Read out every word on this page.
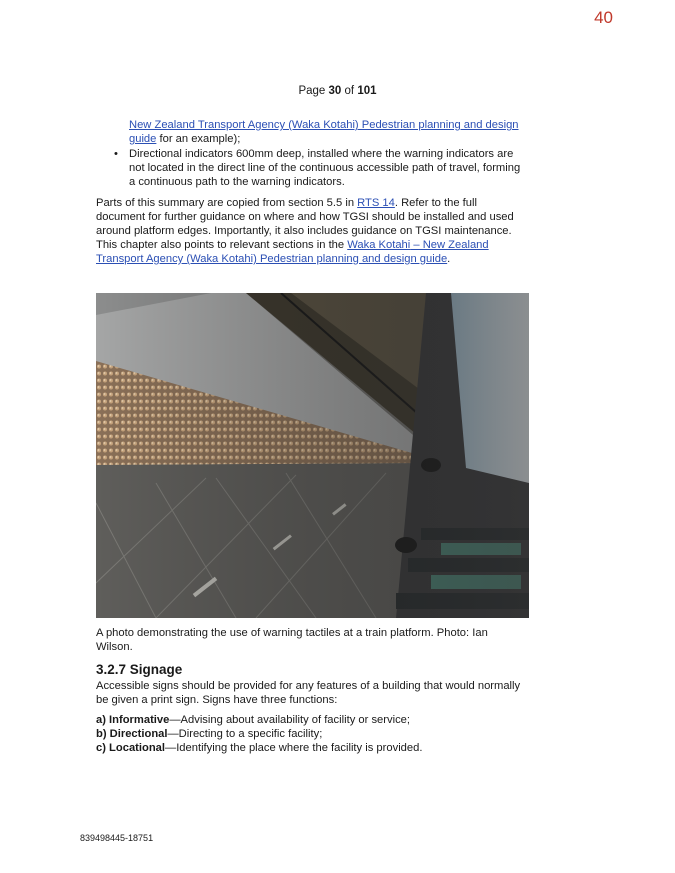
40
Page 30 of 101
New Zealand Transport Agency (Waka Kotahi) Pedestrian planning and design guide for an example);
• Directional indicators 600mm deep, installed where the warning indicators are not located in the direct line of the continuous accessible path of travel, forming a continuous path to the warning indicators.
Parts of this summary are copied from section 5.5 in RTS 14. Refer to the full document for further guidance on where and how TGSI should be installed and used around platform edges. Importantly, it also includes guidance on TGSI maintenance. This chapter also points to relevant sections in the Waka Kotahi – New Zealand Transport Agency (Waka Kotahi) Pedestrian planning and design guide.
A photo demonstrating the use of warning tactiles at a train platform. Photo: Ian Wilson.
3.2.7 Signage
Accessible signs should be provided for any features of a building that would normally be given a print sign. Signs have three functions:
a) Informative—Advising about availability of facility or service;
b) Directional—Directing to a specific facility;
c) Locational—Identifying the place where the facility is provided.
839498445-18751
